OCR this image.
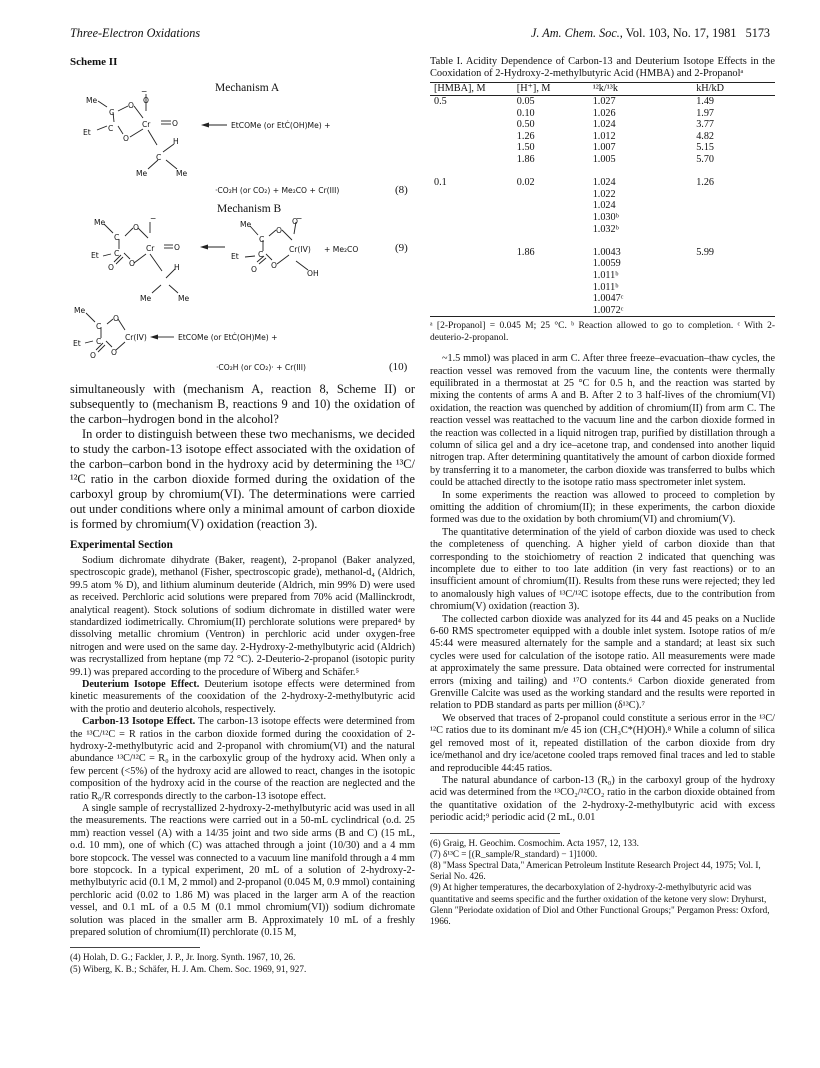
Three-Electron Oxidations	J. Am. Chem. Soc., Vol. 103, No. 17, 1981 5173
Scheme II
Mechanism A
−
O
Me
C
O
Et C	Cr	O
O	H
C
Me	Me
EtCOMe (or EtĊ(OH)Me) +
·CO₂H (or CO₂) + Me₂CO + Cr(III)	(8)
Mechanism B
Me
C
O
−
Et C
Cr	O
O
O	H
Me	Me
Me
C
O
−
O
Et	C
Cr(IV)
O
O	OH
+ Me₂CO	(9)
Me
C
O
Et C	Cr(IV)
O
O
EtCOMe (or EtĊ(OH)Me) +
·CO₂H (or CO₂)· + Cr(III)	(10)

simultaneously with (mechanism A, reaction 8, Scheme II) or subsequently to (mechanism B, reactions 9 and 10) the oxidation of the carbon–hydrogen bond in the alcohol?

In order to distinguish between these two mechanisms, we decided to study the carbon-13 isotope effect associated with the oxidation of the carbon–carbon bond in the hydroxy acid by determining the ¹³C/¹²C ratio in the carbon dioxide formed during the oxidation of the carboxyl group by chromium(VI). The determinations were carried out under conditions where only a minimal amount of carbon dioxide is formed by chromium(V) oxidation (reaction 3).

Experimental Section

Sodium dichromate dihydrate (Baker, reagent), 2-propanol (Baker analyzed, spectroscopic grade), methanol (Fisher, spectroscopic grade), methanol-d₄ (Aldrich, 99.5 atom % D), and lithium aluminum deuteride (Aldrich, min 99% D) were used as received. Perchloric acid solutions were prepared from 70% acid (Mallinckrodt, analytical reagent). Stock solutions of sodium dichromate in distilled water were standardized iodimetrically. Chromium(II) perchlorate solutions were prepared⁴ by dissolving metallic chromium (Ventron) in perchloric acid under oxygen-free nitrogen and were used on the same day. 2-Hydroxy-2-methylbutyric acid (Aldrich) was recrystallized from heptane (mp 72 °C). 2-Deuterio-2-propanol (isotopic purity 99.1) was prepared according to the procedure of Wiberg and Schäfer.⁵

Deuterium Isotope Effect. Deuterium isotope effects were determined from kinetic measurements of the cooxidation of the 2-hydroxy-2-methylbutyric acid with the protio and deuterio alcohols, respectively.

Carbon-13 Isotope Effect. The carbon-13 isotope effects were determined from the ¹³C/¹²C = R ratios in the carbon dioxide formed during the cooxidation of 2-hydroxy-2-methylbutyric acid and 2-propanol with chromium(VI) and the natural abundance ¹³C/¹²C = R₀ in the carboxylic group of the hydroxy acid. When only a few percent (<5%) of the hydroxy acid are allowed to react, changes in the isotopic composition of the hydroxy acid in the course of the reaction are neglected and the ratio R₀/R corresponds directly to the carbon-13 isotope effect.

A single sample of recrystallized 2-hydroxy-2-methylbutyric acid was used in all the measurements. The reactions were carried out in a 50-mL cyclindrical (o.d. 25 mm) reaction vessel (A) with a 14/35 joint and two side arms (B and C) (15 mL, o.d. 10 mm), one of which (C) was attached through a joint (10/30) and a 4 mm bore stopcock. The vessel was connected to a vacuum line manifold through a 4 mm bore stopcock. In a typical experiment, 20 mL of a solution of 2-hydroxy-2-methylbutyric acid (0.1 M, 2 mmol) and 2-propanol (0.045 M, 0.9 mmol) containing perchloric acid (0.02 to 1.86 M) was placed in the larger arm A of the reaction vessel, and 0.1 mL of a 0.5 M (0.1 mmol chromium(VI)) sodium dichromate solution was placed in the smaller arm B. Approximately 10 mL of a freshly prepared solution of chromium(II) perchlorate (0.15 M,

(4) Holah, D. G.; Fackler, J. P., Jr. Inorg. Synth. 1967, 10, 26.
(5) Wiberg, K. B.; Schäfer, H. J. Am. Chem. Soc. 1969, 91, 927.
Table I. Acidity Dependence of Carbon-13 and Deuterium Isotope Effects in the Cooxidation of 2-Hydroxy-2-methylbutyric Acid (HMBA) and 2-Propanolᵃ
[HMBA], M	[H⁺], M	¹²k/¹³k	kH/kD
0.5	0.05	1.027	1.49
	0.10	1.026	1.97
	0.50	1.024	3.77
	1.26	1.012	4.82
	1.50	1.007	5.15
	1.86	1.005	5.70

0.1	0.02	1.024	1.26
		1.022	
		1.024	
		1.030ᵇ	
		1.032ᵇ	

	1.86	1.0043	5.99
		1.0059	
		1.011ᵇ	
		1.011ᵇ	
		1.0047ᶜ	
		1.0072ᶜ	
ᵃ [2-Propanol] = 0.045 M; 25 °C. ᵇ Reaction allowed to go to completion. ᶜ With 2-deuterio-2-propanol.

~1.5 mmol) was placed in arm C. After three freeze–evacuation–thaw cycles, the reaction vessel was removed from the vacuum line, the contents were thermally equilibrated in a thermostat at 25 °C for 0.5 h, and the reaction was started by mixing the contents of arms A and B. After 2 to 3 half-lives of the chromium(VI) oxidation, the reaction was quenched by addition of chromium(II) from arm C. The reaction vessel was reattached to the vacuum line and the carbon dioxide formed in the reaction was collected in a liquid nitrogen trap, purified by distillation through a column of silica gel and a dry ice–acetone trap, and condensed into another liquid nitrogen trap. After determining quantitatively the amount of carbon dioxide formed by transferring it to a manometer, the carbon dioxide was transferred to bulbs which could be attached directly to the isotope ratio mass spectrometer inlet system.

In some experiments the reaction was allowed to proceed to completion by omitting the addition of chromium(II); in these experiments, the carbon dioxide formed was due to the oxidation by both chromium(VI) and chromium(V).

The quantitative determination of the yield of carbon dioxide was used to check the completeness of quenching. A higher yield of carbon dioxide than that corresponding to the stoichiometry of reaction 2 indicated that quenching was incomplete due to either to too late addition (in very fast reactions) or to an insufficient amount of chromium(II). Results from these runs were rejected; they led to anomalously high values of ¹³C/¹²C isotope effects, due to the contribution from chromium(V) oxidation (reaction 3).

The collected carbon dioxide was analyzed for its 44 and 45 peaks on a Nuclide 6-60 RMS spectrometer equipped with a double inlet system. Isotope ratios of m/e 45:44 were measured alternately for the sample and a standard; at least six such cycles were used for calculation of the isotope ratio. All measurements were made at approximately the same pressure. Data obtained were corrected for instrumental errors (mixing and tailing) and ¹⁷O contents.⁶ Carbon dioxide generated from Grenville Calcite was used as the working standard and the results were reported in relation to PDB standard as parts per million (δ¹³C).⁷

We observed that traces of 2-propanol could constitute a serious error in the ¹³C/¹²C ratios due to its dominant m/e 45 ion (CH₃C*(H)OH).⁸ While a column of silica gel removed most of it, repeated distillation of the carbon dioxide from dry ice/methanol and dry ice/acetone cooled traps removed final traces and led to stable and reproducible 44:45 ratios.

The natural abundance of carbon-13 (R₀) in the carboxyl group of the hydroxy acid was determined from the ¹³CO₂/¹²CO₂ ratio in the carbon dioxide obtained from the quantitative oxidation of the 2-hydroxy-2-methylbutyric acid with excess periodic acid;⁹ periodic acid (2 mL, 0.01

(6) Graig, H. Geochim. Cosmochim. Acta 1957, 12, 133.
(7) δ¹³C = [(R_sample/R_standard) − 1]1000.
(8) "Mass Spectral Data," American Petroleum Institute Research Project 44, 1975; Vol. I, Serial No. 426.
(9) At higher temperatures, the decarboxylation of 2-hydroxy-2-methylbutyric acid was quantitative and seems specific and the further oxidation of the ketone very slow: Dryhurst, Glenn "Periodate oxidation of Diol and Other Functional Groups;" Pergamon Press: Oxford, 1966.
